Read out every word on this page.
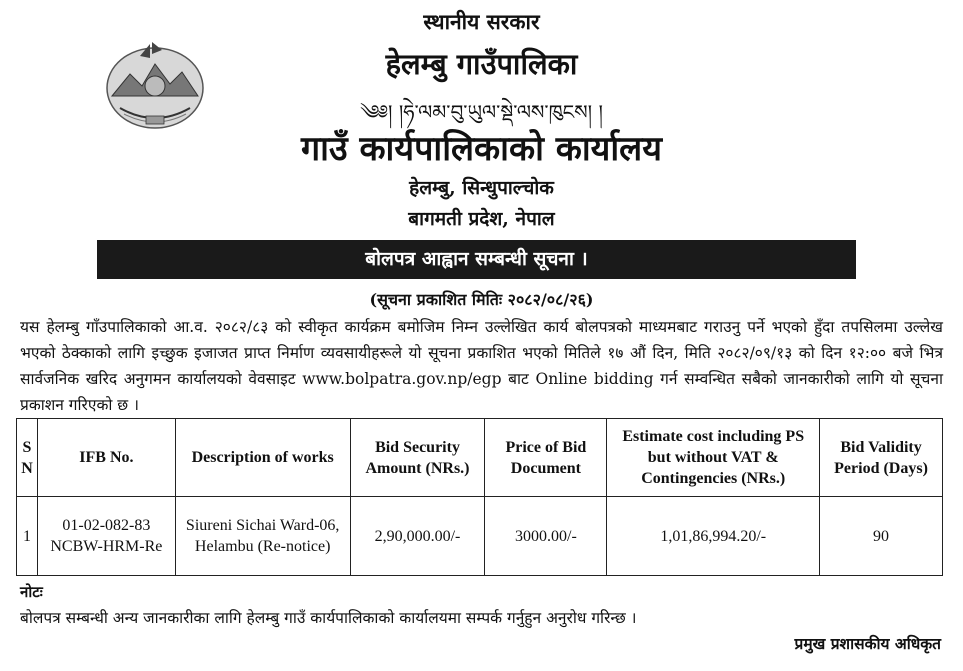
स्थानीय सरकार
हेलम्बु गाउँपालिका
༄༅། །ཧེ་ལམ་བུ་ཡུལ་སྡེ་ལས་ཁུངས། །
गाउँ कार्यपालिकाको कार्यालय
हेलम्बु, सिन्धुपाल्चोक
बागमती प्रदेश, नेपाल
बोलपत्र आह्वान सम्बन्धी सूचना ।
(सूचना प्रकाशित मितिः २०८२/०८/२६)

यस हेलम्बु गाँउपालिकाको आ.व. २०८२/८३ को स्वीकृत कार्यक्रम बमोजिम निम्न उल्लेखित कार्य बोलपत्रको माध्यमबाट गराउनु पर्ने भएको हुँदा तपसिलमा उल्लेख भएको ठेक्काको लागि इच्छुक इजाजत प्राप्त निर्माण व्यवसायीहरूले यो सूचना प्रकाशित भएको मितिले १७ औं दिन, मिति २०८२/०९/१३ को दिन १२:०० बजे भित्र सार्वजनिक खरिद अनुगमन कार्यालयको वेवसाइट www.bolpatra.gov.np/egp बाट Online bidding गर्न सम्वन्धित सबैको जानकारीको लागि यो सूचना प्रकाशन गरिएको छ ।

S N	IFB No.	Description of works	Bid Security Amount (NRs.)	Price of Bid Document	Estimate cost including PS but without VAT & Contingencies (NRs.)	Bid Validity Period (Days)
1	01-02-082-83 NCBW-HRM-Re	Siureni Sichai Ward-06, Helambu (Re-notice)	2,90,000.00/-	3000.00/-	1,01,86,994.20/-	90
नोटः
बोलपत्र सम्बन्धी अन्य जानकारीका लागि हेलम्बु गाउँ कार्यपालिकाको कार्यालयमा सम्पर्क गर्नुहुन अनुरोध गरिन्छ ।
प्रमुख प्रशासकीय अधिकृत
